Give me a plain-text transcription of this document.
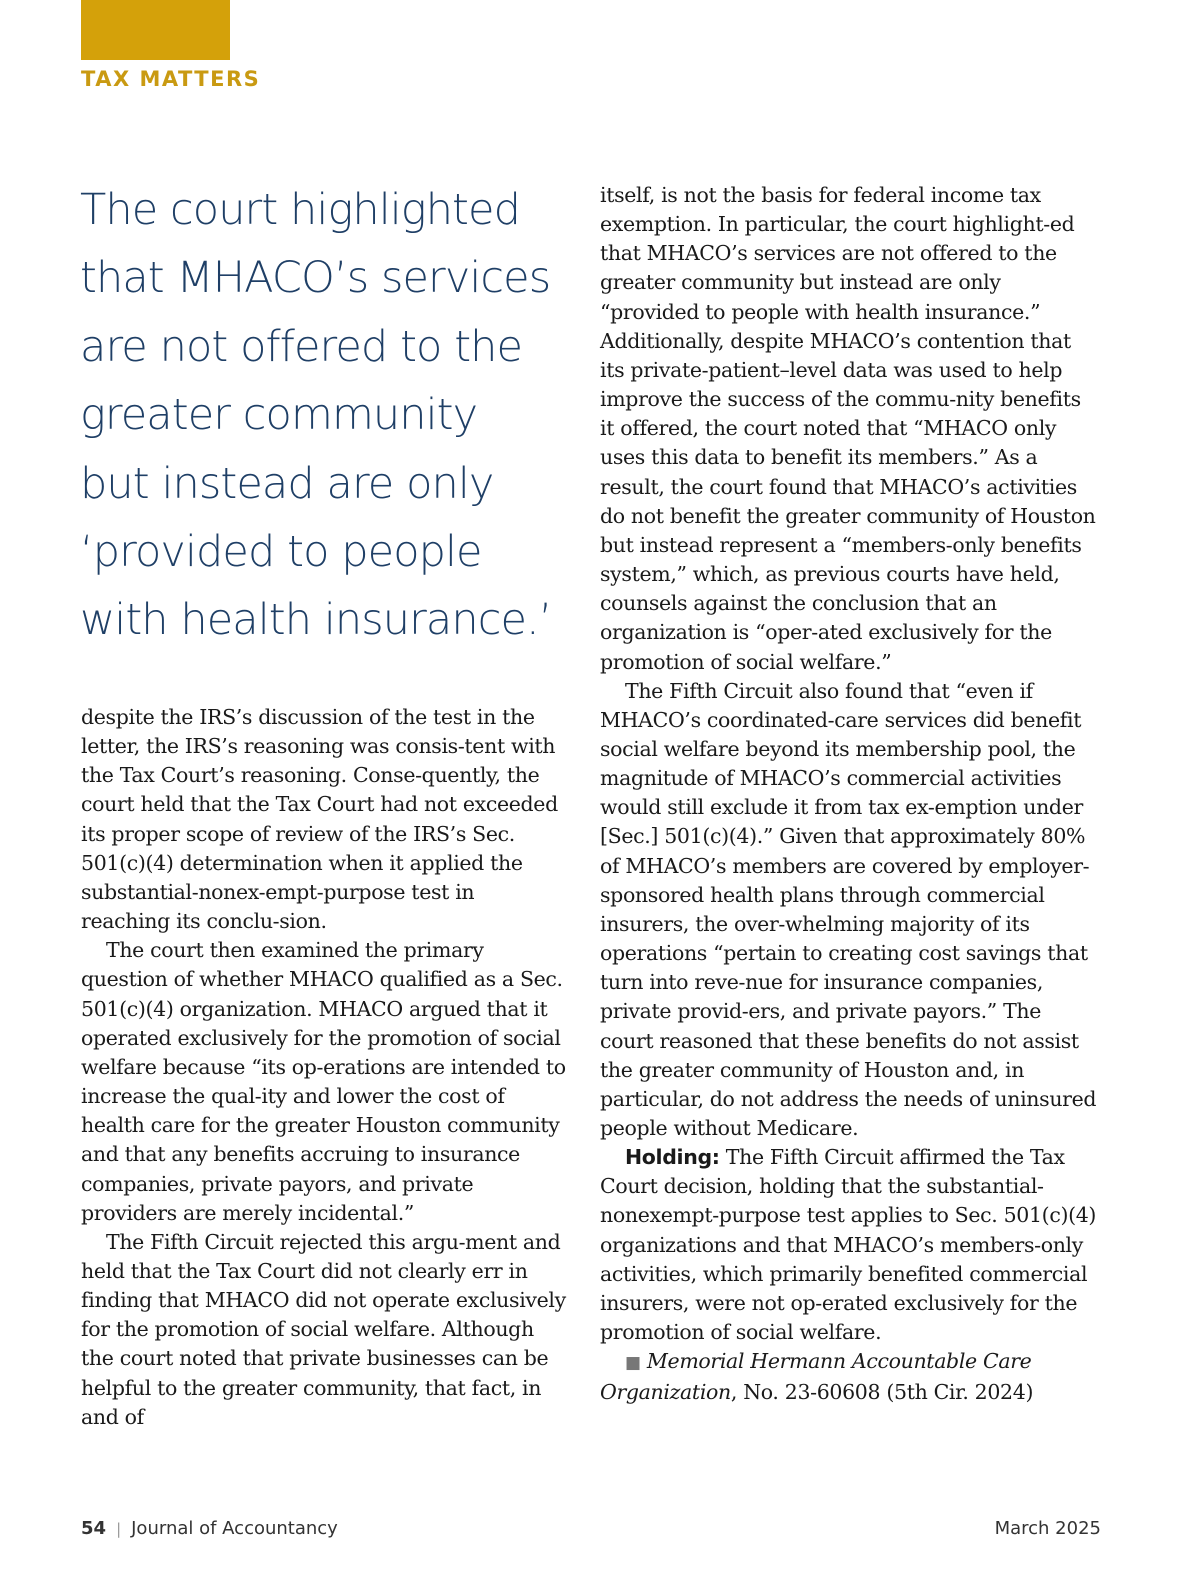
TAX MATTERS
The court highlighted
that MHACO’s services
are not offered to the
greater community
but instead are only
‘provided to people
with health insurance.’

despite the IRS’s discussion of the test in the letter, the IRS’s reasoning was consis-tent with the Tax Court’s reasoning. Conse-quently, the court held that the Tax Court had not exceeded its proper scope of review of the IRS’s Sec. 501(c)(4) determination when it applied the substantial-nonex-empt-purpose test in reaching its conclu-sion.

The court then examined the primary question of whether MHACO qualified as a Sec. 501(c)(4) organization. MHACO argued that it operated exclusively for the promotion of social welfare because “its op-erations are intended to increase the qual-ity and lower the cost of health care for the greater Houston community and that any benefits accruing to insurance companies, private payors, and private providers are merely incidental.”

The Fifth Circuit rejected this argu-ment and held that the Tax Court did not clearly err in finding that MHACO did not operate exclusively for the promotion of social welfare. Although the court noted that private businesses can be helpful to the greater community, that fact, in and of

itself, is not the basis for federal income tax exemption. In particular, the court highlight-ed that MHACO’s services are not offered to the greater community but instead are only “provided to people with health insurance.” Additionally, despite MHACO’s contention that its private-patient–level data was used to help improve the success of the commu-nity benefits it offered, the court noted that “MHACO only uses this data to benefit its members.” As a result, the court found that MHACO’s activities do not benefit the greater community of Houston but instead represent a “members-only benefits system,” which, as previous courts have held, counsels against the conclusion that an organization is “oper-ated exclusively for the promotion of social welfare.”

The Fifth Circuit also found that “even if MHACO’s coordinated-care services did benefit social welfare beyond its membership pool, the magnitude of MHACO’s commercial activities would still exclude it from tax ex-emption under [Sec.] 501(c)(4).” Given that approximately 80% of MHACO’s members are covered by employer-sponsored health plans through commercial insurers, the over-whelming majority of its operations “pertain to creating cost savings that turn into reve-nue for insurance companies, private provid-ers, and private payors.” The court reasoned that these benefits do not assist the greater community of Houston and, in particular, do not address the needs of uninsured people without Medicare.

Holding: The Fifth Circuit affirmed the Tax Court decision, holding that the substantial-nonexempt-purpose test applies to Sec. 501(c)(4) organizations and that MHACO’s members-only activities, which primarily benefited commercial insurers, were not op-erated exclusively for the promotion of social welfare.

■ Memorial Hermann Accountable Care Organization, No. 23-60608 (5th Cir. 2024)

54 | Journal of Accountancy	March 2025
